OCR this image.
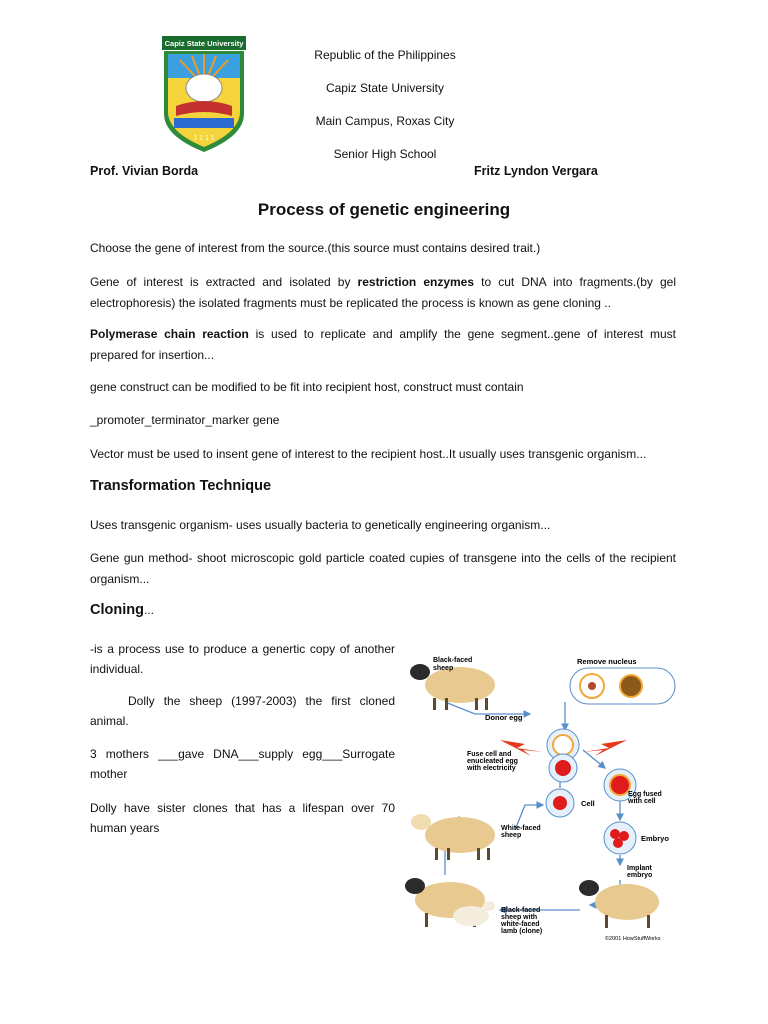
Capiz State University
1 1 1 1
Republic of the Philippines
Capiz State University
Main Campus, Roxas City
Senior High School
Prof. Vivian Borda	Fritz Lyndon Vergara
Process of genetic engineering
Choose the gene of interest from the source.(this source must contains desired trait.)
Gene of interest is extracted and isolated by restriction enzymes to cut DNA into fragments.(by gel electrophoresis) the isolated fragments must be replicated the process is known as gene cloning ..
Polymerase chain reaction is used to replicate and amplify the gene segment..gene of interest must prepared for insertion...
gene construct can be modified to be fit into recipient host, construct must contain
_promoter_terminator_marker gene
Vector must be used to insent gene of interest to the recipient host..It usually uses transgenic organism...
Transformation Technique
Uses transgenic organism- uses usually bacteria to genetically engineering organism...
Gene gun method- shoot microscopic gold particle coated cupies of transgene into the cells of the recipient organism...
Cloning...
-is a process use to produce a genertic copy of another individual.
Dolly the sheep (1997-2003) the first cloned animal.
3 mothers ___gave DNA___supply egg___Surrogate mother
Dolly have sister clones that has a lifespan over 70 human years
Black-faced sheep
Remove nucleus
Donor egg
Fuse cell and enucleated egg with electricity
Egg fused with cell
Cell
Embryo
Implant embryo
White-faced sheep
Black-faced sheep with white-faced lamb (clone)
©2001 HowStuffWorks
